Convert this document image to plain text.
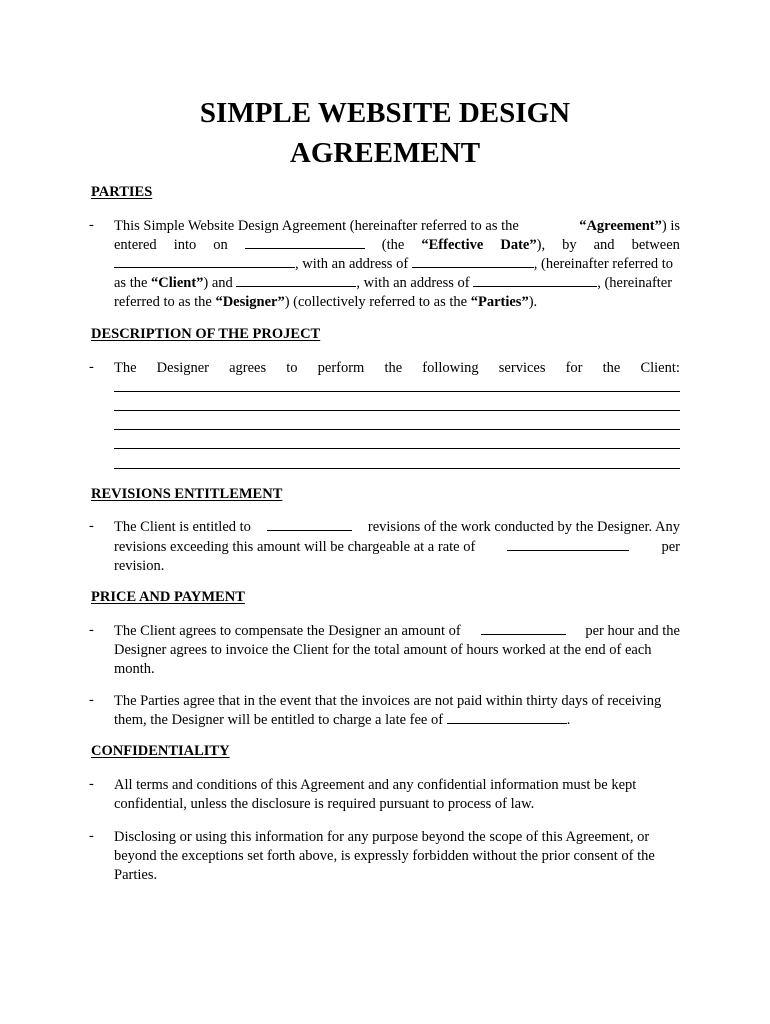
SIMPLE WEBSITE DESIGN
AGREEMENT
PARTIES
- This Simple Website Design Agreement (hereinafter referred to as the	“Agreement”) is
entered into on	(the “Effective Date”), by and between
, with an address of	, (hereinafter referred to
as the “Client”) and	, with an address of	, (hereinafter
referred to as the “Designer”) (collectively referred to as the “Parties”).
DESCRIPTION OF THE PROJECT
- The Designer agrees to perform the following services for the Client:
REVISIONS ENTITLEMENT
- The Client is entitled to	revisions of the work conducted by the Designer. Any
revisions exceeding this amount will be chargeable at a rate of	per
revision.
PRICE AND PAYMENT
- The Client agrees to compensate the Designer an amount of	per hour and the
Designer agrees to invoice the Client for the total amount of hours worked at the end of each
month.
- The Parties agree that in the event that the invoices are not paid within thirty days of receiving
them, the Designer will be entitled to charge a late fee of	.
CONFIDENTIALITY
- All terms and conditions of this Agreement and any confidential information must be kept
confidential, unless the disclosure is required pursuant to process of law.
- Disclosing or using this information for any purpose beyond the scope of this Agreement, or
beyond the exceptions set forth above, is expressly forbidden without the prior consent of the
Parties.
